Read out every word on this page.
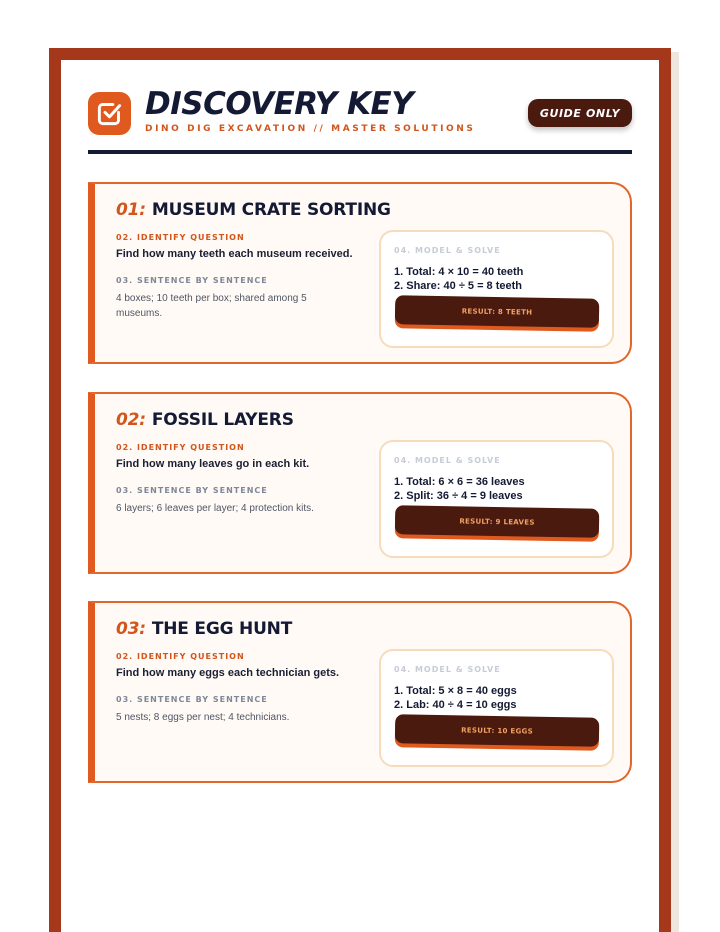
DISCOVERY KEY
DINO DIG EXCAVATION // MASTER SOLUTIONS
GUIDE ONLY
01: MUSEUM CRATE SORTING
02. IDENTIFY QUESTION
Find how many teeth each museum received.
03. SENTENCE BY SENTENCE
4 boxes; 10 teeth per box; shared among 5 museums.
04. MODEL & SOLVE
1. Total: 4 × 10 = 40 teeth
2. Share: 40 ÷ 5 = 8 teeth
RESULT: 8 TEETH
02: FOSSIL LAYERS
02. IDENTIFY QUESTION
Find how many leaves go in each kit.
03. SENTENCE BY SENTENCE
6 layers; 6 leaves per layer; 4 protection kits.
04. MODEL & SOLVE
1. Total: 6 × 6 = 36 leaves
2. Split: 36 ÷ 4 = 9 leaves
RESULT: 9 LEAVES
03: THE EGG HUNT
02. IDENTIFY QUESTION
Find how many eggs each technician gets.
03. SENTENCE BY SENTENCE
5 nests; 8 eggs per nest; 4 technicians.
04. MODEL & SOLVE
1. Total: 5 × 8 = 40 eggs
2. Lab: 40 ÷ 4 = 10 eggs
RESULT: 10 EGGS
